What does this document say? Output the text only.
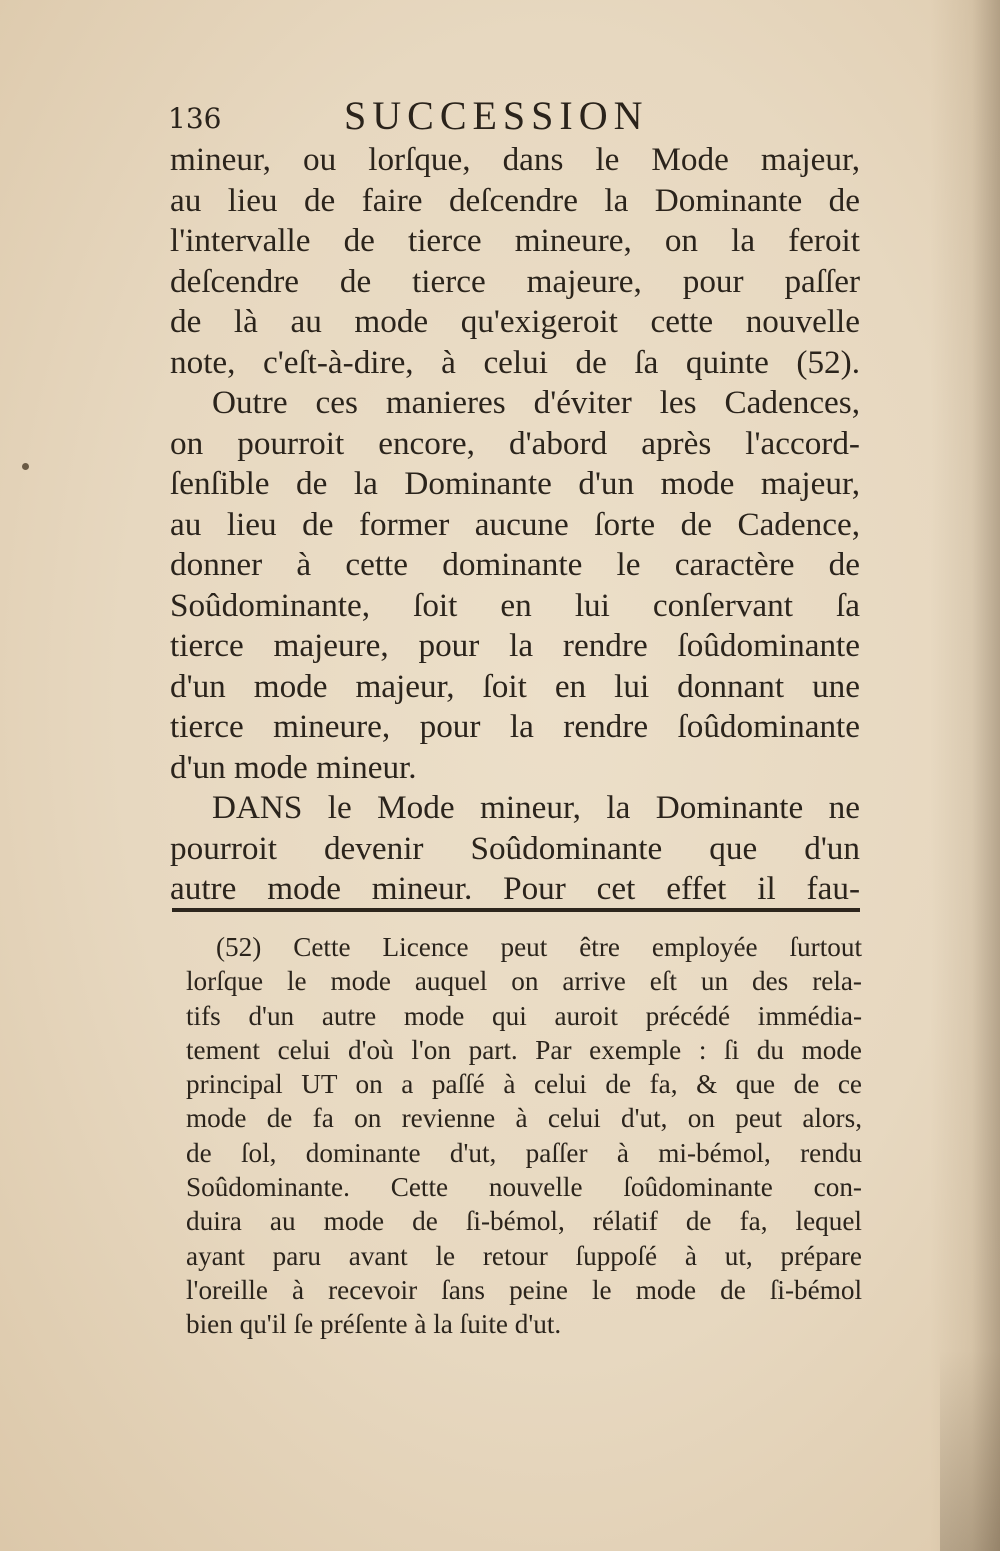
136	SUCCESSION
mineur, ou lorſque, dans le Mode majeur,
au lieu de faire deſcendre la Dominante de
l'intervalle de tierce mineure, on la feroit
deſcendre de tierce majeure, pour paſſer
de là au mode qu'exigeroit cette nouvelle
note, c'eſt-à-dire, à celui de ſa quinte (52).
Outre ces manieres d'éviter les Cadences,
on pourroit encore, d'abord après l'accord-
ſenſible de la Dominante d'un mode majeur,
au lieu de former aucune ſorte de Cadence,
donner à cette dominante le caractère de
Soûdominante, ſoit en lui conſervant ſa
tierce majeure, pour la rendre ſoûdominante
d'un mode majeur, ſoit en lui donnant une
tierce mineure, pour la rendre ſoûdominante
d'un mode mineur.
DANS le Mode mineur, la Dominante ne
pourroit devenir Soûdominante que d'un
autre mode mineur. Pour cet effet il fau-
(52) Cette Licence peut être employée ſurtout
lorſque le mode auquel on arrive eſt un des rela-
tifs d'un autre mode qui auroit précédé immédia-
tement celui d'où l'on part. Par exemple : ſi du mode
principal UT on a paſſé à celui de fa, & que de ce
mode de fa on revienne à celui d'ut, on peut alors,
de ſol, dominante d'ut, paſſer à mi-bémol, rendu
Soûdominante. Cette nouvelle ſoûdominante con-
duira au mode de ſi-bémol, rélatif de fa, lequel
ayant paru avant le retour ſuppoſé à ut, prépare
l'oreille à recevoir ſans peine le mode de ſi-bémol
bien qu'il ſe préſente à la ſuite d'ut.
